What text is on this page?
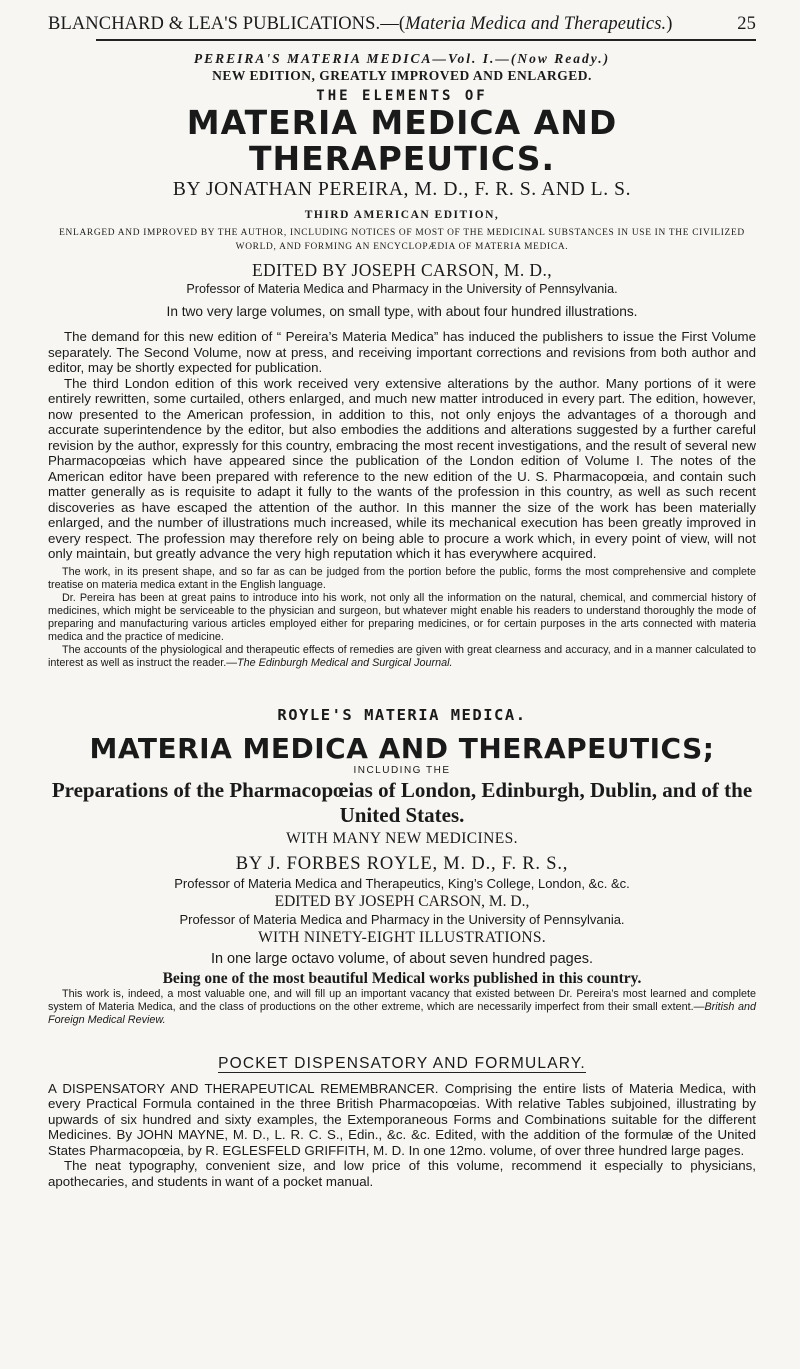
BLANCHARD & LEA'S PUBLICATIONS.—(Materia Medica and Therapeutics.)	25
PEREIRA'S MATERIA MEDICA—Vol. I.—(Now Ready.)
NEW EDITION, GREATLY IMPROVED AND ENLARGED.
THE ELEMENTS OF
MATERIA MEDICA AND THERAPEUTICS.
BY JONATHAN PEREIRA, M. D., F. R. S. AND L. S.
THIRD AMERICAN EDITION,
ENLARGED AND IMPROVED BY THE AUTHOR, INCLUDING NOTICES OF MOST OF THE MEDICINAL SUBSTANCES IN USE IN THE CIVILIZED WORLD, AND FORMING AN ENCYCLOPÆDIA OF MATERIA MEDICA.
EDITED BY JOSEPH CARSON, M. D.,
Professor of Materia Medica and Pharmacy in the University of Pennsylvania.
In two very large volumes, on small type, with about four hundred illustrations.

The demand for this new edition of “ Pereira’s Materia Medica” has induced the publishers to issue the First Volume separately. The Second Volume, now at press, and receiving important corrections and revisions from both author and editor, may be shortly expected for publication.

The third London edition of this work received very extensive alterations by the author. Many portions of it were entirely rewritten, some curtailed, others enlarged, and much new matter introduced in every part. The edition, however, now presented to the American profession, in addition to this, not only enjoys the advantages of a thorough and accurate superintendence by the editor, but also embodies the additions and alterations suggested by a further careful revision by the author, expressly for this country, embracing the most recent investigations, and the result of several new Pharmacopœias which have appeared since the publication of the London edition of Volume I. The notes of the American editor have been prepared with reference to the new edition of the U. S. Pharmacopœia, and contain such matter generally as is requisite to adapt it fully to the wants of the profession in this country, as well as such recent discoveries as have escaped the attention of the author. In this manner the size of the work has been materially enlarged, and the number of illustrations much increased, while its mechanical execution has been greatly improved in every respect. The profession may therefore rely on being able to procure a work which, in every point of view, will not only maintain, but greatly advance the very high reputation which it has everywhere acquired.

The work, in its present shape, and so far as can be judged from the portion before the public, forms the most comprehensive and complete treatise on materia medica extant in the English language.

Dr. Pereira has been at great pains to introduce into his work, not only all the information on the natural, chemical, and commercial history of medicines, which might be serviceable to the physician and surgeon, but whatever might enable his readers to understand thoroughly the mode of preparing and manufacturing various articles employed either for preparing medicines, or for certain purposes in the arts connected with materia medica and the practice of medicine.

The accounts of the physiological and therapeutic effects of remedies are given with great clearness and accuracy, and in a manner calculated to interest as well as instruct the reader.—The Edinburgh Medical and Surgical Journal.

ROYLE'S MATERIA MEDICA.
MATERIA MEDICA AND THERAPEUTICS;
INCLUDING THE
Preparations of the Pharmacopœias of London, Edinburgh, Dublin, and of the United States.
WITH MANY NEW MEDICINES.
BY J. FORBES ROYLE, M. D., F. R. S.,
Professor of Materia Medica and Therapeutics, King’s College, London, &c. &c.
EDITED BY JOSEPH CARSON, M. D.,
Professor of Materia Medica and Pharmacy in the University of Pennsylvania.
WITH NINETY-EIGHT ILLUSTRATIONS.
In one large octavo volume, of about seven hundred pages.
Being one of the most beautiful Medical works published in this country.

This work is, indeed, a most valuable one, and will fill up an important vacancy that existed between Dr. Pereira’s most learned and complete system of Materia Medica, and the class of productions on the other extreme, which are necessarily imperfect from their small extent.—British and Foreign Medical Review.

POCKET DISPENSATORY AND FORMULARY.

A DISPENSATORY AND THERAPEUTICAL REMEMBRANCER. Comprising the entire lists of Materia Medica, with every Practical Formula contained in the three British Pharmacopœias. With relative Tables subjoined, illustrating by upwards of six hundred and sixty examples, the Extemporaneous Forms and Combinations suitable for the different Medicines. By JOHN MAYNE, M. D., L. R. C. S., Edin., &c. &c. Edited, with the addition of the formulæ of the United States Pharmacopœia, by R. EGLESFELD GRIFFITH, M. D. In one 12mo. volume, of over three hundred large pages.

The neat typography, convenient size, and low price of this volume, recommend it especially to physicians, apothecaries, and students in want of a pocket manual.
